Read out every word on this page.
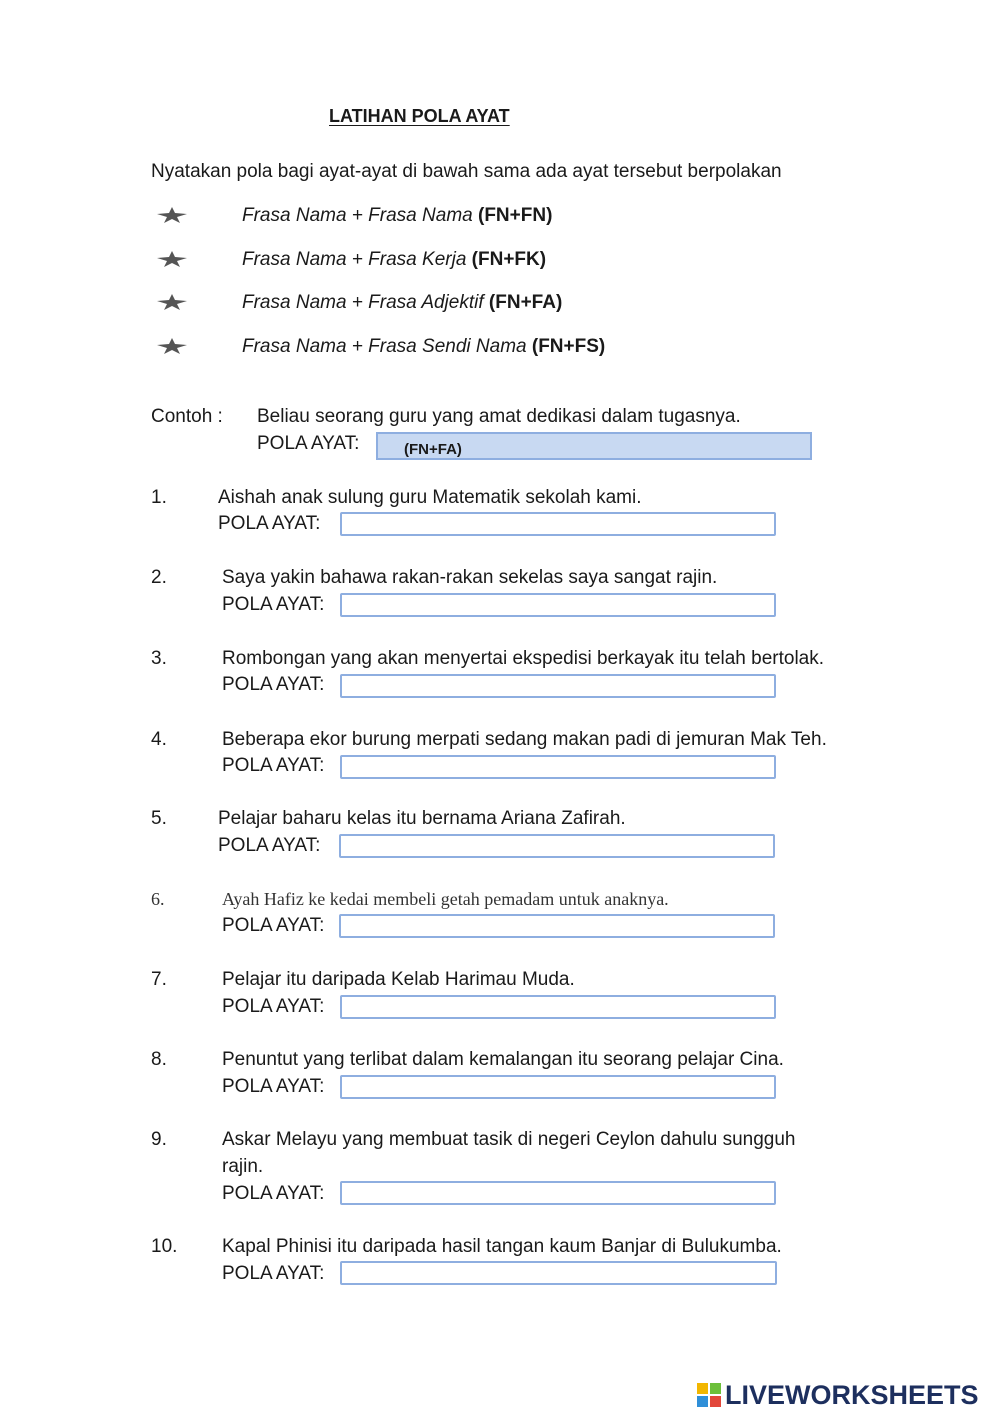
LATIHAN POLA AYAT
Nyatakan pola bagi ayat-ayat di bawah sama ada ayat tersebut berpolakan
Frasa Nama + Frasa Nama (FN+FN)
Frasa Nama + Frasa Kerja (FN+FK)
Frasa Nama + Frasa Adjektif (FN+FA)
Frasa Nama + Frasa Sendi Nama (FN+FS)
Contoh : Beliau seorang guru yang amat dedikasi dalam tugasnya.
POLA AYAT:	(FN+FA)
1.	Aishah anak sulung guru Matematik sekolah kami.
POLA AYAT:
2.	Saya yakin bahawa rakan-rakan sekelas saya sangat rajin.
POLA AYAT:
3.	Rombongan yang akan menyertai ekspedisi berkayak itu telah bertolak.
POLA AYAT:
4.	Beberapa ekor burung merpati sedang makan padi di jemuran Mak Teh.
POLA AYAT:
5.	Pelajar baharu kelas itu bernama Ariana Zafirah.
POLA AYAT:
6.	Ayah Hafiz ke kedai membeli getah pemadam untuk anaknya.
POLA AYAT:
7.	Pelajar itu daripada Kelab Harimau Muda.
POLA AYAT:
8.	Penuntut yang terlibat dalam kemalangan itu seorang pelajar Cina.
POLA AYAT:
9.	Askar Melayu yang membuat tasik di negeri Ceylon dahulu sungguh
rajin.
POLA AYAT:
10. Kapal Phinisi itu daripada hasil tangan kaum Banjar di Bulukumba.
POLA AYAT:
LIVEWORKSHEETS
